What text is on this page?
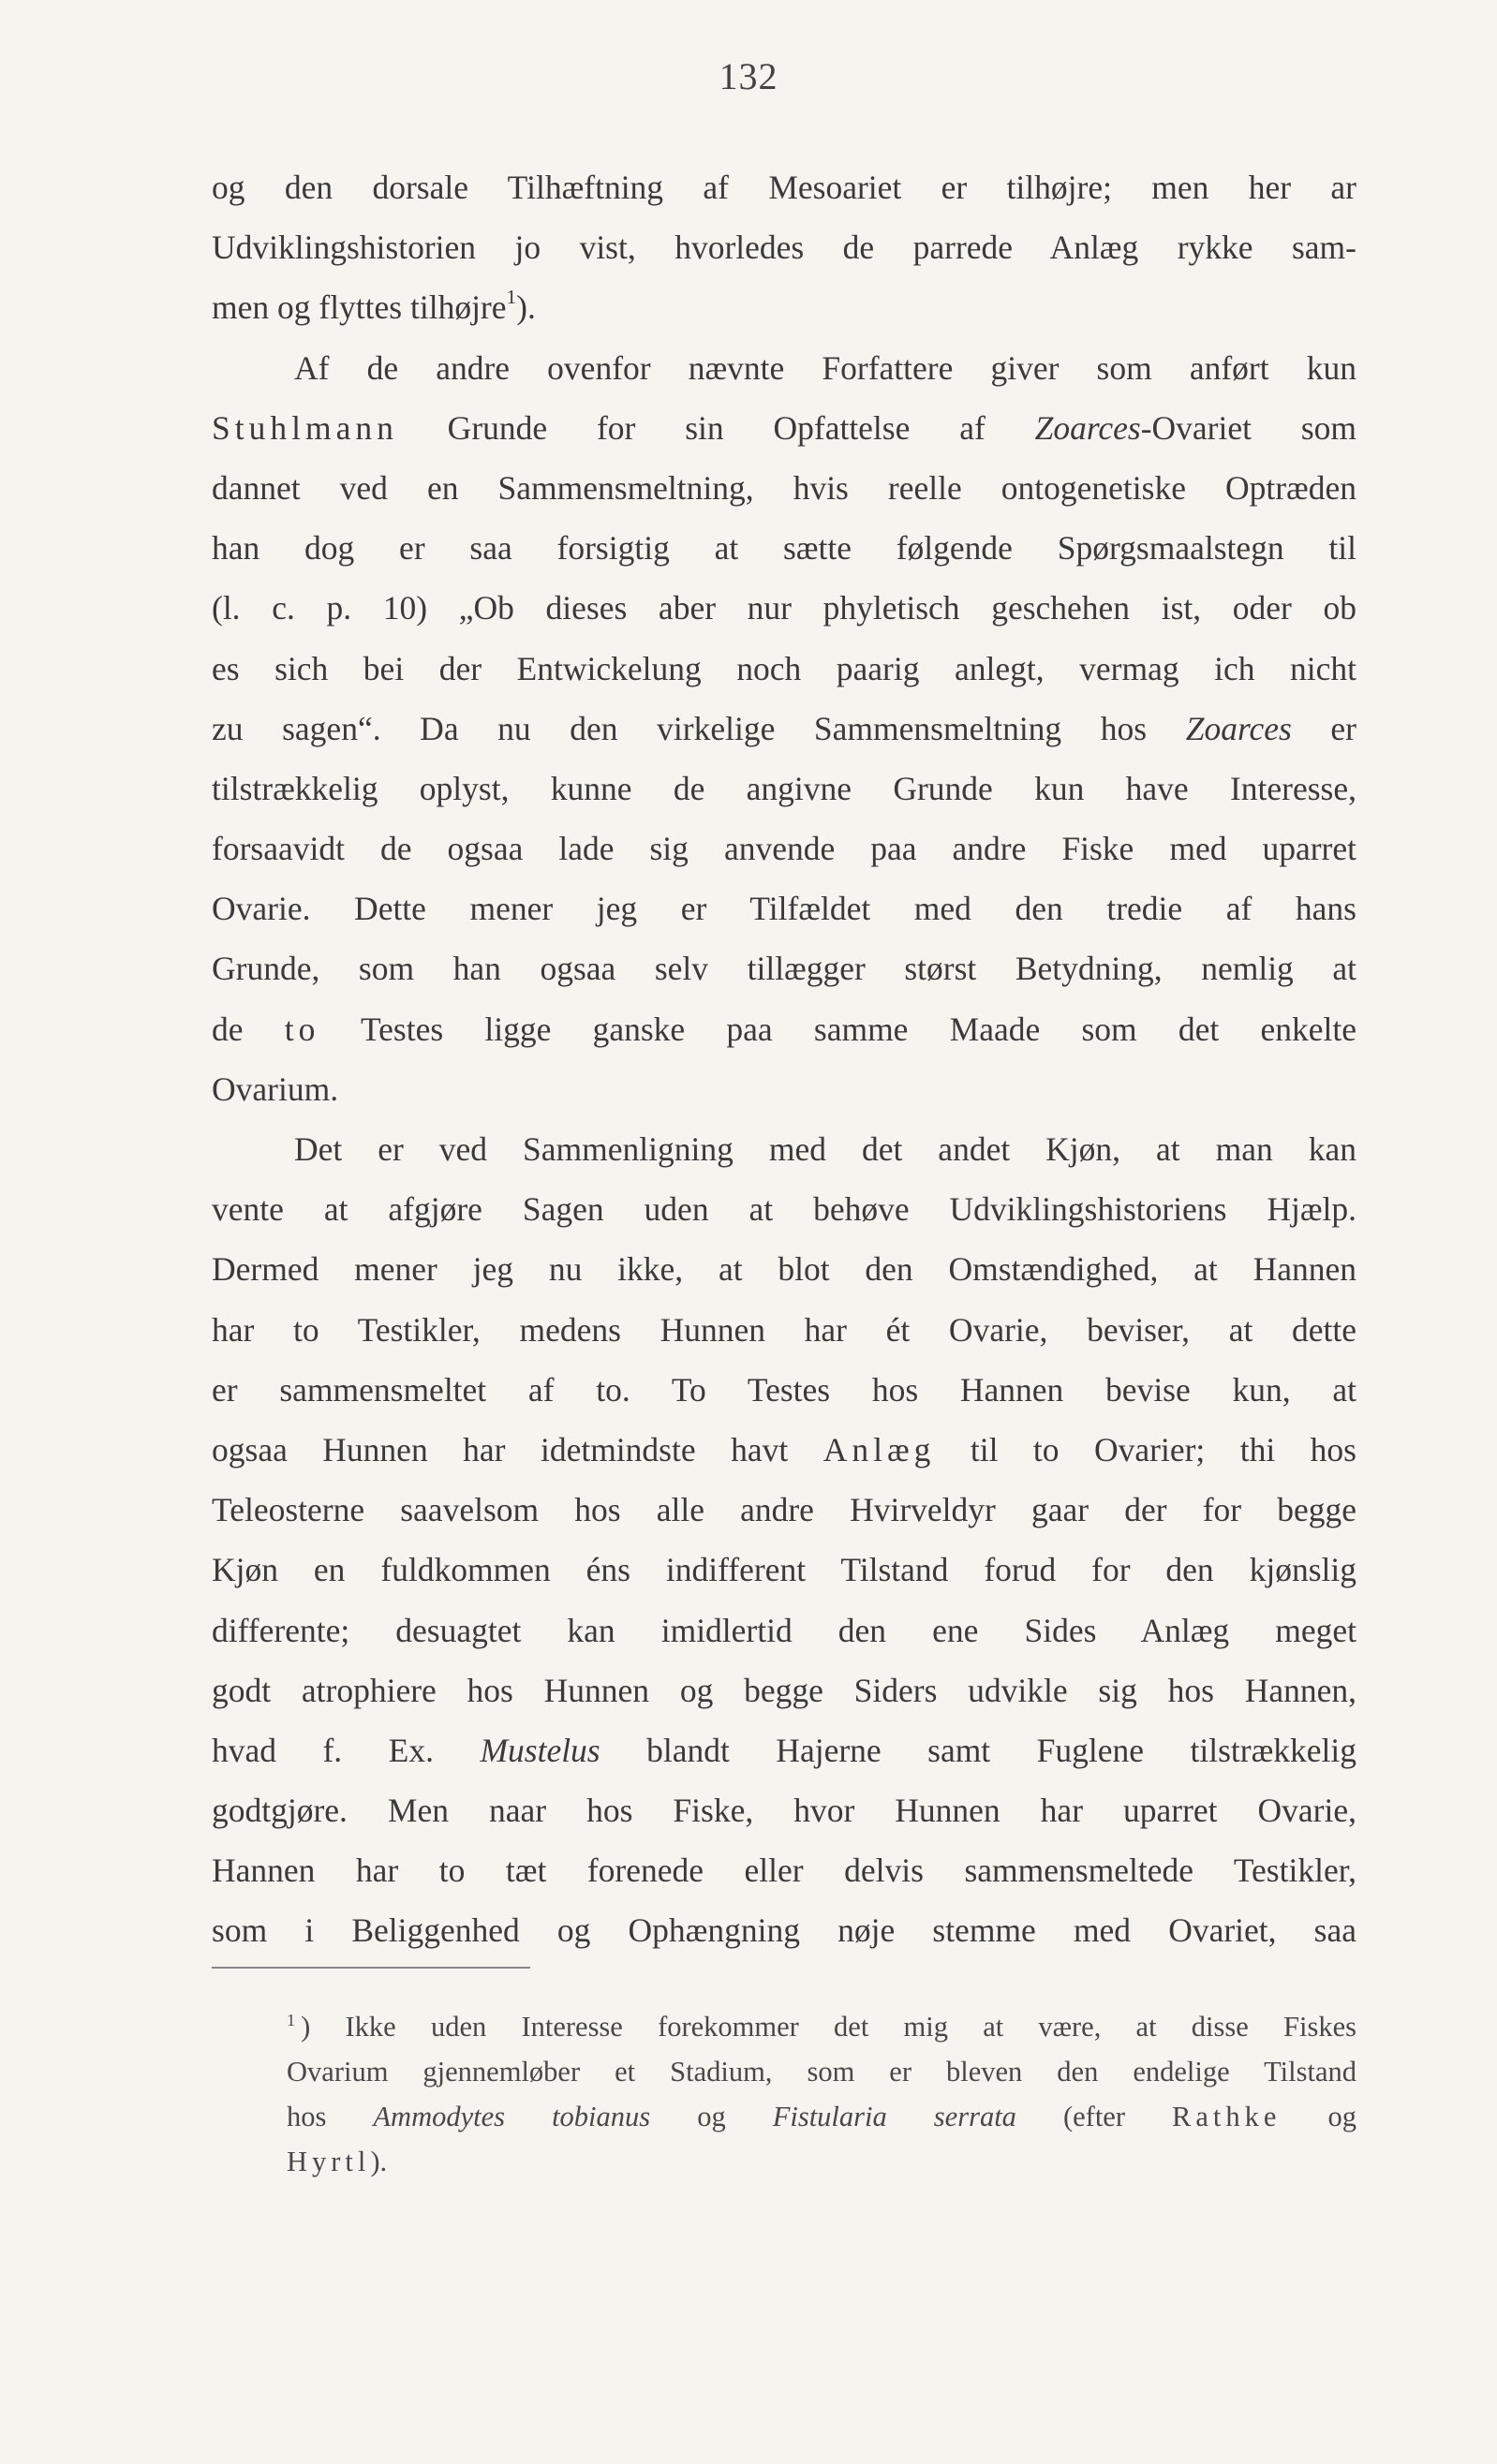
132
og den dorsale Tilhæftning af Mesoariet er tilhøjre; men her ar
Udviklingshistorien jo vist, hvorledes de parrede Anlæg rykke sam-
men og flyttes tilhøjre$^1$).
Af de andre ovenfor nævnte Forfattere giver som anført kun
Stuhlmann Grunde for sin Opfattelse af Zoarces-Ovariet som
dannet ved en Sammensmeltning, hvis reelle ontogenetiske Optræden
han dog er saa forsigtig at sætte følgende Spørgsmaalstegn til
(l. c. p. 10) „Ob dieses aber nur phyletisch geschehen ist, oder ob
es sich bei der Entwickelung noch paarig anlegt, vermag ich nicht
zu sagen“. Da nu den virkelige Sammensmeltning hos Zoarces er
tilstrækkelig oplyst, kunne de angivne Grunde kun have Interesse,
forsaavidt de ogsaa lade sig anvende paa andre Fiske med uparret
Ovarie. Dette mener jeg er Tilfældet med den tredie af hans
Grunde, som han ogsaa selv tillægger størst Betydning, nemlig at
de to Testes ligge ganske paa samme Maade som det enkelte
Ovarium.
Det er ved Sammenligning med det andet Kjøn, at man kan
vente at afgjøre Sagen uden at behøve Udviklingshistoriens Hjælp.
Dermed mener jeg nu ikke, at blot den Omstændighed, at Hannen
har to Testikler, medens Hunnen har ét Ovarie, beviser, at dette
er sammensmeltet af to. To Testes hos Hannen bevise kun, at
ogsaa Hunnen har idetmindste havt Anlæg til to Ovarier; thi hos
Teleosterne saavelsom hos alle andre Hvirveldyr gaar der for begge
Kjøn en fuldkommen éns indifferent Tilstand forud for den kjønslig
differente; desuagtet kan imidlertid den ene Sides Anlæg meget
godt atrophiere hos Hunnen og begge Siders udvikle sig hos Hannen,
hvad f. Ex. Mustelus blandt Hajerne samt Fuglene tilstrækkelig
godtgjøre. Men naar hos Fiske, hvor Hunnen har uparret Ovarie,
Hannen har to tæt forenede eller delvis sammensmeltede Testikler,
som i Beliggenhed og Ophængning nøje stemme med Ovariet, saa
$^1$ ) Ikke uden Interesse forekommer det mig at være, at disse Fiskes
Ovarium gjennemløber et Stadium, som er bleven den endelige Tilstand
hos Ammodytes tobianus og Fistularia serrata (efter Rathke og
Hyrtl).
